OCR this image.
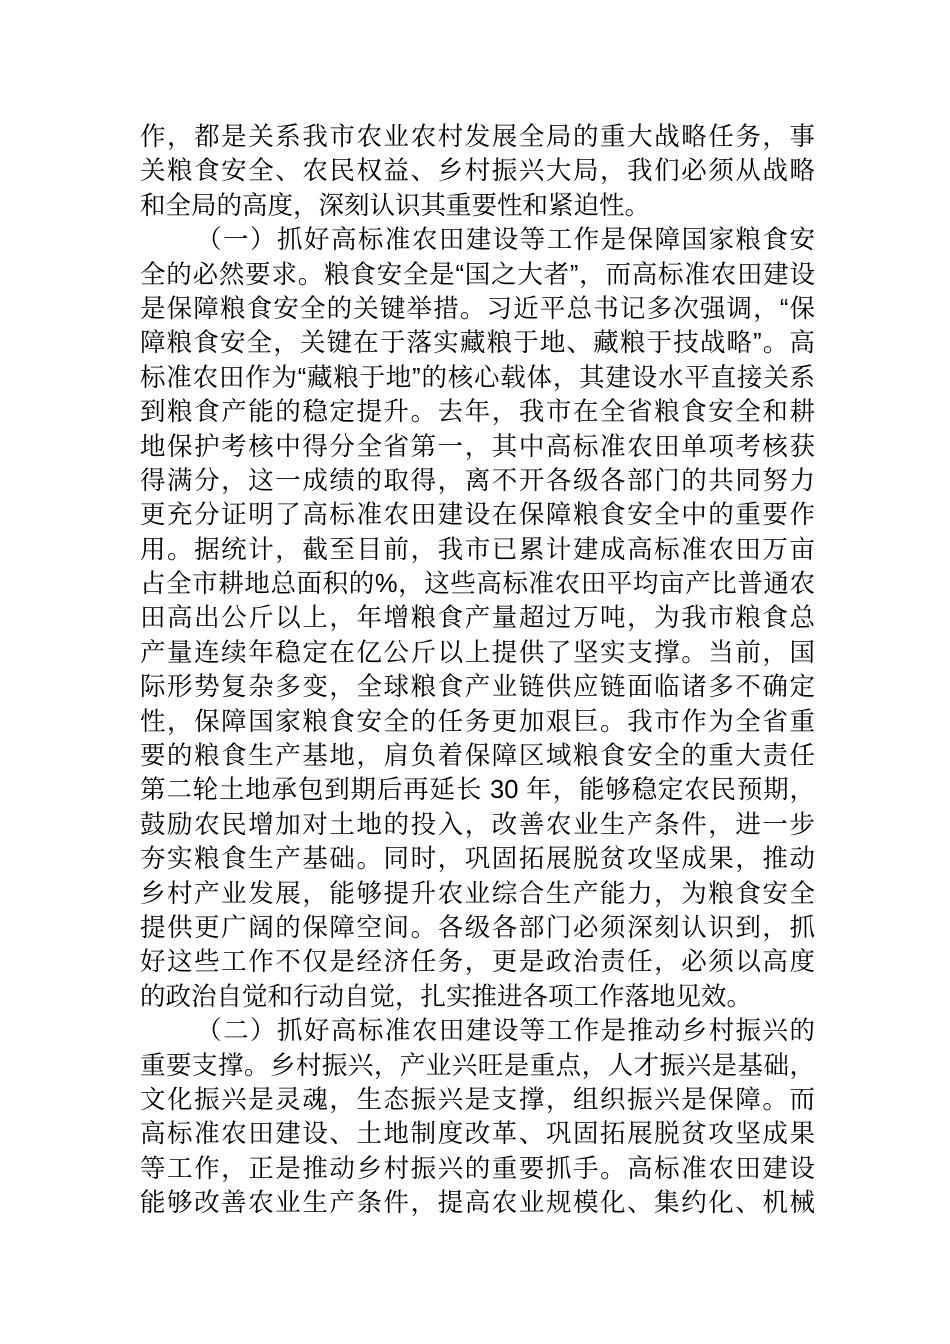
作，都是关系我市农业农村发展全局的重大战略任务，事
关粮食安全、农民权益、乡村振兴大局，我们必须从战略
和全局的高度，深刻认识其重要性和紧迫性。
（一）抓好高标准农田建设等工作是保障国家粮食安
全的必然要求。粮食安全是“国之大者”，而高标准农田建设
是保障粮食安全的关键举措。习近平总书记多次强调，“保
障粮食安全，关键在于落实藏粮于地、藏粮于技战略”。高
标准农田作为“藏粮于地”的核心载体，其建设水平直接关系
到粮食产能的稳定提升。去年，我市在全省粮食安全和耕
地保护考核中得分全省第一，其中高标准农田单项考核获
得满分，这一成绩的取得，离不开各级各部门的共同努力
更充分证明了高标准农田建设在保障粮食安全中的重要作
用。据统计，截至目前，我市已累计建成高标准农田万亩
占全市耕地总面积的%，这些高标准农田平均亩产比普通农
田高出公斤以上，年增粮食产量超过万吨，为我市粮食总
产量连续年稳定在亿公斤以上提供了坚实支撑。当前，国
际形势复杂多变，全球粮食产业链供应链面临诸多不确定
性，保障国家粮食安全的任务更加艰巨。我市作为全省重
要的粮食生产基地，肩负着保障区域粮食安全的重大责任
第二轮土地承包到期后再延长 30 年，能够稳定农民预期，
鼓励农民增加对土地的投入，改善农业生产条件，进一步
夯实粮食生产基础。同时，巩固拓展脱贫攻坚成果，推动
乡村产业发展，能够提升农业综合生产能力，为粮食安全
提供更广阔的保障空间。各级各部门必须深刻认识到，抓
好这些工作不仅是经济任务，更是政治责任，必须以高度
的政治自觉和行动自觉，扎实推进各项工作落地见效。
（二）抓好高标准农田建设等工作是推动乡村振兴的
重要支撑。乡村振兴，产业兴旺是重点，人才振兴是基础，
文化振兴是灵魂，生态振兴是支撑，组织振兴是保障。而
高标准农田建设、土地制度改革、巩固拓展脱贫攻坚成果
等工作，正是推动乡村振兴的重要抓手。高标准农田建设
能够改善农业生产条件，提高农业规模化、集约化、机械
